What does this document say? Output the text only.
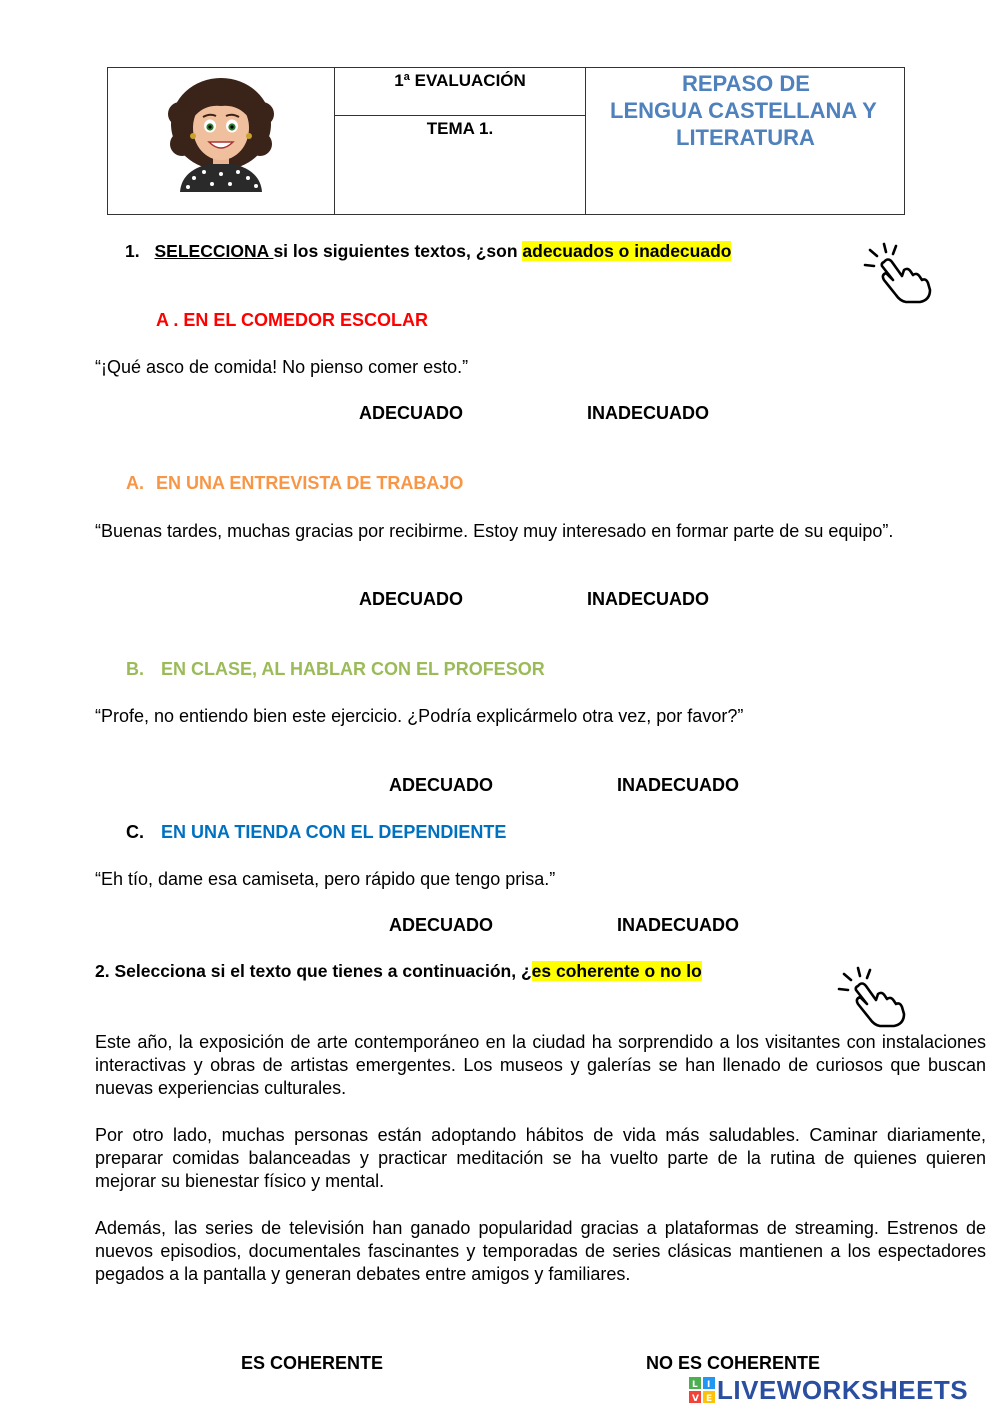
1ª EVALUACIÓN
TEMA 1.
REPASO DE
LENGUA CASTELLANA Y
LITERATURA
1. SELECCIONA si los siguientes textos, ¿son adecuados o inadecuado
A . EN EL COMEDOR ESCOLAR
“¡Qué asco de comida! No pienso comer esto.”
ADECUADO	INADECUADO
A. EN UNA ENTREVISTA DE TRABAJO
“Buenas tardes, muchas gracias por recibirme. Estoy muy interesado en formar parte de su equipo”.
ADECUADO	INADECUADO
B. EN CLASE, AL HABLAR CON EL PROFESOR
“Profe, no entiendo bien este ejercicio. ¿Podría explicármelo otra vez, por favor?”
ADECUADO	INADECUADO
C. EN UNA TIENDA CON EL DEPENDIENTE
“Eh tío, dame esa camiseta, pero rápido que tengo prisa.”
ADECUADO	INADECUADO
2. Selecciona si el texto que tienes a continuación, ¿es coherente o no lo
Este año, la exposición de arte contemporáneo en la ciudad ha sorprendido a los visitantes con instalaciones interactivas y obras de artistas emergentes. Los museos y galerías se han llenado de curiosos que buscan nuevas experiencias culturales.
Por otro lado, muchas personas están adoptando hábitos de vida más saludables. Caminar diariamente, preparar comidas balanceadas y practicar meditación se ha vuelto parte de la rutina de quienes quieren mejorar su bienestar físico y mental.
Además, las series de televisión han ganado popularidad gracias a plataformas de streaming. Estrenos de nuevos episodios, documentales fascinantes y temporadas de series clásicas mantienen a los espectadores pegados a la pantalla y generan debates entre amigos y familiares.
ES COHERENTE	NO ES COHERENTE
L I
V E LIVEWORKSHEETS
